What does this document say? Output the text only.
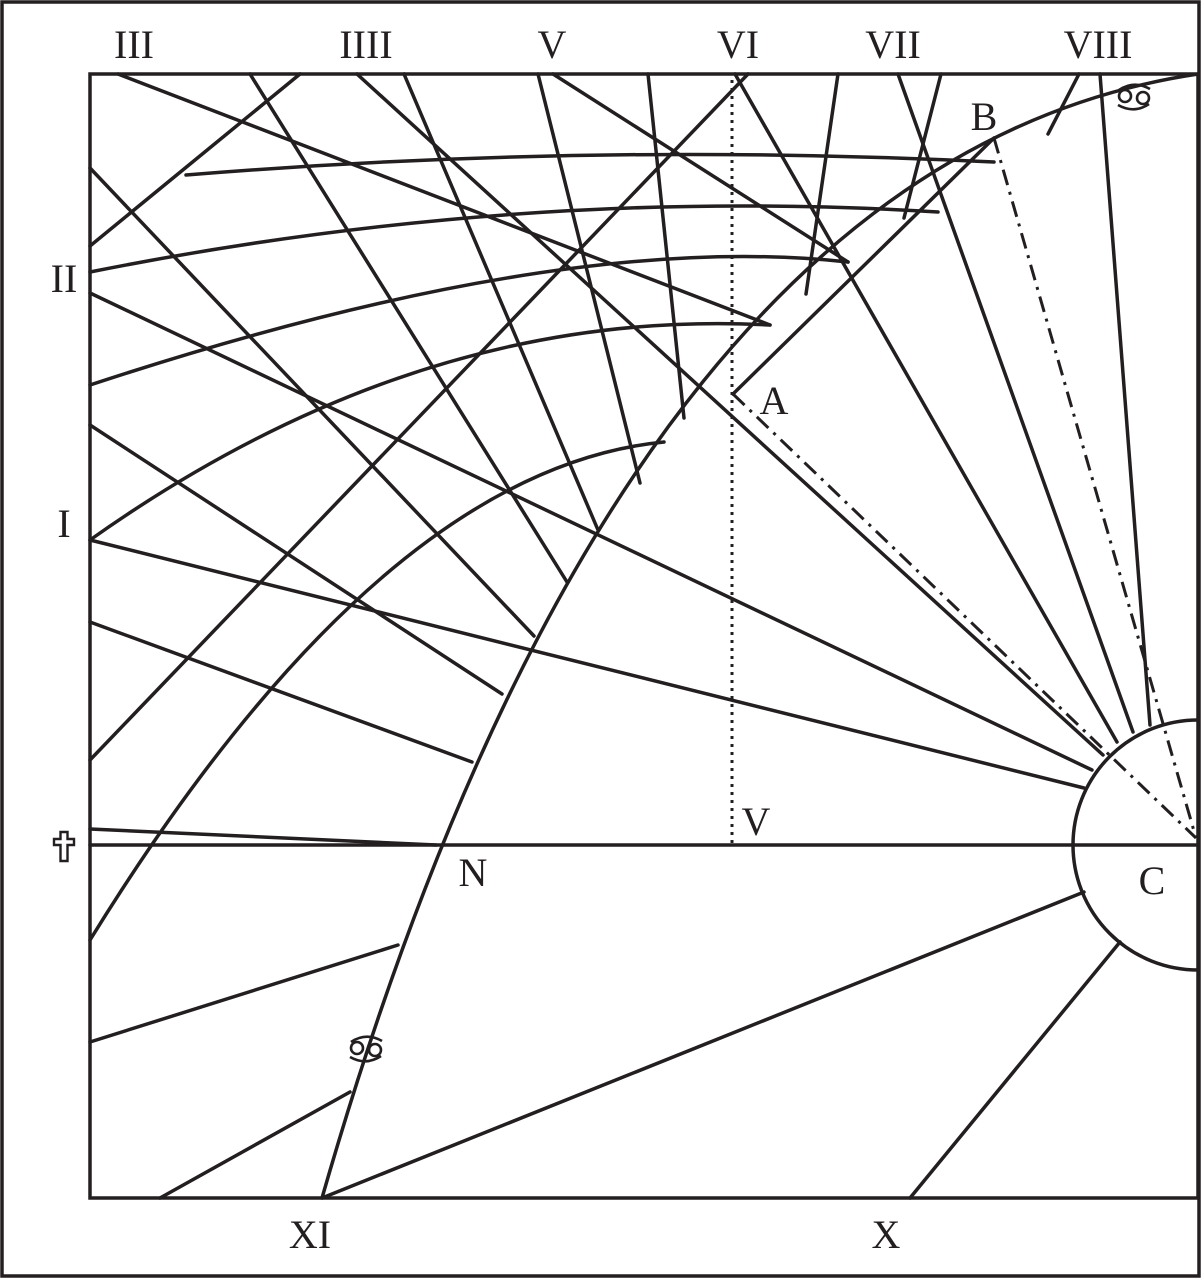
III	IIII	V	VI	VII	VIII
II
I
XI	X
A
B
C
N
V
